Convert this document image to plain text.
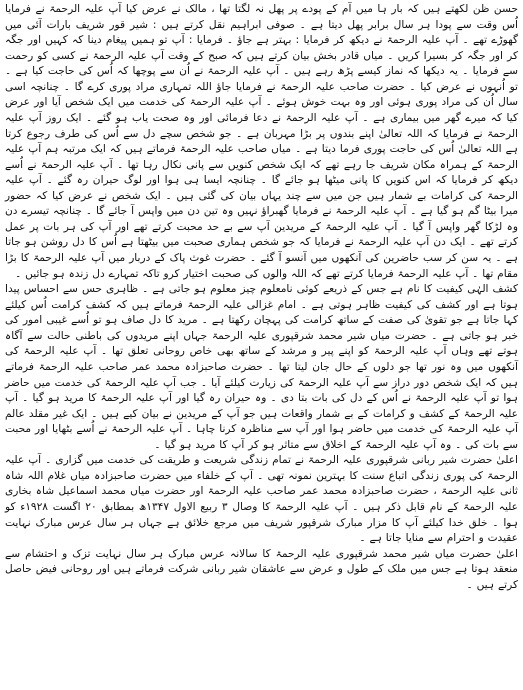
حسن ظن لکھتے ہیں کہ بار ہا میں آم کے پودے پر پھل نہ لگتا تھا ، مالک نے عرض کیا آپ علیہ الرحمۃ نے فرمایا اُس وقت سے پودا ہر سال برابر پھل دیتا ہے ۔ صوفی ابراہیم نقل کرتے ہیں : شیر قور شریف بارات آئی میں گھوڑے تھے ۔ آپ علیہ الرحمۃ نے دیکھ کر فرمایا : بہتر ہے جاؤ ۔ فرمایا : آپ تو ہمیں پیغام دینا کہ کہیں اور جگہ کر اور جگہ کر بسیرا کریں ۔ میاں قادر بخش بیان کرتے ہیں کہ صبح کے وقت آپ علیہ الرحمۃ نے کسی کو رحمت سے فرمایا ۔ یہ دیکھا کہ نماز کیسے پڑھ رہے ہیں ۔ آپ علیہ الرحمۃ نے اُن سے پوچھا کہ اُس کی حاجت کیا ہے ۔ تو اُنہوں نے عرض کیا ۔ حضرت صاحب علیہ الرحمۃ نے فرمایا جاؤ اللہ تمہاری مراد پوری کرے گا ۔ چنانچہ اسی سال اُن کی مراد پوری ہوئی اور وہ بہت خوش ہوئے ۔ آپ علیہ الرحمۃ کی خدمت میں ایک شخص آیا اور عرض کیا کہ میرے گھر میں بیماری ہے ۔ آپ علیہ الرحمۃ نے دعا فرمائی اور وہ صحت یاب ہو گئے ۔ ایک روز آپ علیہ الرحمۃ نے فرمایا کہ اللہ تعالیٰ اپنے بندوں پر بڑا مہربان ہے ۔ جو شخص سچے دل سے اُس کی طرف رجوع کرتا ہے اللہ تعالیٰ اُس کی حاجت پوری فرما دیتا ہے ۔ میاں صاحب علیہ الرحمۃ فرماتے ہیں کہ ایک مرتبہ ہم آپ علیہ الرحمۃ کے ہمراہ مکان شریف جا رہے تھے کہ ایک شخص کنویں سے پانی نکال رہا تھا ۔ آپ علیہ الرحمۃ نے اُسے دیکھ کر فرمایا کہ اس کنویں کا پانی میٹھا ہو جائے گا ۔ چنانچہ ایسا ہی ہوا اور لوگ حیران رہ گئے ۔ آپ علیہ الرحمۃ کی کرامات بے شمار ہیں جن میں سے چند یہاں بیان کی گئی ہیں ۔ ایک شخص نے عرض کیا کہ حضور میرا بیٹا گم ہو گیا ہے ۔ آپ علیہ الرحمۃ نے فرمایا گھبراؤ نہیں وہ تین دن میں واپس آ جائے گا ۔ چنانچہ تیسرے دن وہ لڑکا گھر واپس آ گیا ۔ آپ علیہ الرحمۃ کے مریدین آپ سے بے حد محبت کرتے تھے اور آپ کی ہر بات پر عمل کرتے تھے ۔ ایک دن آپ علیہ الرحمۃ نے فرمایا کہ جو شخص ہماری صحبت میں بیٹھتا ہے اُس کا دل روشن ہو جاتا ہے ۔ یہ سن کر سب حاضرین کی آنکھوں میں آنسو آ گئے ۔ حضرت غوث پاک کے دربار میں آپ علیہ الرحمۃ کا بڑا مقام تھا ۔ آپ علیہ الرحمۃ فرمایا کرتے تھے کہ اللہ والوں کی صحبت اختیار کرو تاکہ تمہارے دل زندہ ہو جائیں ۔

کشف الہٰی کیفیت کا نام ہے جس کے ذریعے کوئی نامعلوم چیز معلوم ہو جاتی ہے ۔ ظاہری حس سے احساس پیدا ہوتا ہے اور کشف کی کیفیت ظاہر ہوتی ہے ۔ امام غزالی علیہ الرحمۃ فرماتے ہیں کہ کشف کرامت اُس کیلئے کہا جاتا ہے جو تقویٰ کی صفت کے ساتھ کرامت کی پہچان رکھتا ہے ۔ مرید کا دل صاف ہو تو اُسے غیبی امور کی خبر ہو جاتی ہے ۔ حضرت میاں شیر محمد شرقپوری علیہ الرحمۃ جہاں اپنے مریدوں کی باطنی حالت سے آگاہ ہوتے تھے وہاں آپ علیہ الرحمۃ کو اپنے پیر و مرشد کے ساتھ بھی خاص روحانی تعلق تھا ۔ آپ علیہ الرحمۃ کی آنکھوں میں وہ نور تھا جو دلوں کے حال جان لیتا تھا ۔ حضرت صاحبزادہ محمد عمر صاحب علیہ الرحمۃ فرماتے ہیں کہ ایک شخص دور دراز سے آپ علیہ الرحمۃ کی زیارت کیلئے آیا ۔ جب آپ علیہ الرحمۃ کی خدمت میں حاضر ہوا تو آپ علیہ الرحمۃ نے اُس کے دل کی بات بتا دی ۔ وہ حیران رہ گیا اور آپ علیہ الرحمۃ کا مرید ہو گیا ۔ آپ علیہ الرحمۃ کے کشف و کرامات کے بے شمار واقعات ہیں جو آپ کے مریدین نے بیان کیے ہیں ۔ ایک غیر مقلد عالم آپ علیہ الرحمۃ کی خدمت میں حاضر ہوا اور آپ سے مناظرہ کرنا چاہا ۔ آپ علیہ الرحمۃ نے اُسے بٹھایا اور محبت سے بات کی ۔ وہ آپ علیہ الرحمۃ کے اخلاق سے متاثر ہو کر آپ کا مرید ہو گیا ۔

اعلیٰ حضرت شیر ربانی شرقپوری علیہ الرحمۃ نے تمام زندگی شریعت و طریقت کی خدمت میں گزاری ۔ آپ علیہ الرحمۃ کی پوری زندگی اتباع سنت کا بہترین نمونہ تھی ۔ آپ کے خلفاء میں حضرت صاحبزادہ میاں غلام اللہ شاہ ثانی علیہ الرحمۃ ، حضرت صاحبزادہ محمد عمر صاحب علیہ الرحمۃ اور حضرت میاں محمد اسماعیل شاہ بخاری علیہ الرحمۃ کے نام قابل ذکر ہیں ۔ آپ علیہ الرحمۃ کا وصال ۳ ربیع الاول ۱۳۴۷ھ بمطابق ۲۰ اگست ۱۹۲۸ء کو ہوا ۔ خلق خدا کیلئے آپ کا مزار مبارک شرقپور شریف میں مرجع خلائق ہے جہاں ہر سال عرس مبارک نہایت عقیدت و احترام سے منایا جاتا ہے ۔

اعلیٰ حضرت میاں شیر محمد شرقپوری علیہ الرحمۃ کا سالانہ عرس مبارک ہر سال نہایت تزک و احتشام سے منعقد ہوتا ہے جس میں ملک کے طول و عرض سے عاشقان شیر ربانی شرکت فرماتے ہیں اور روحانی فیض حاصل کرتے ہیں ۔
